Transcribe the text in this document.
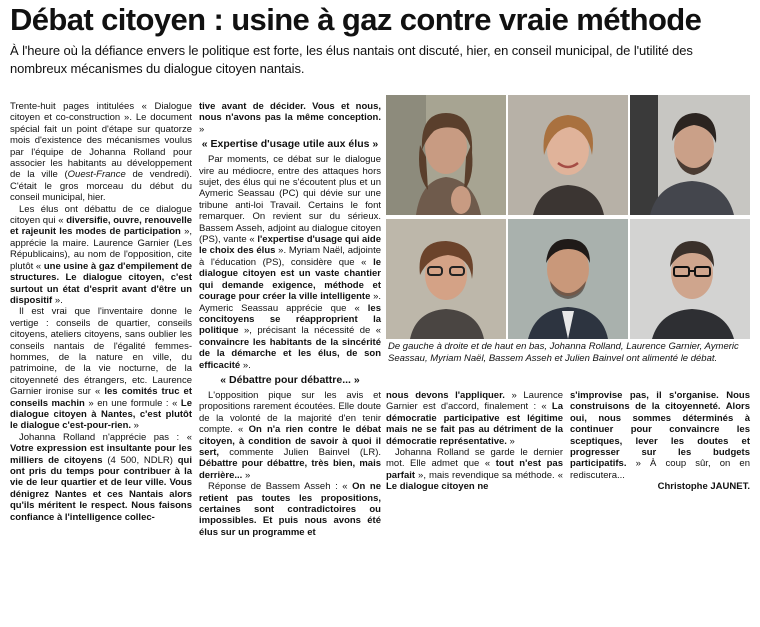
Débat citoyen : usine à gaz contre vraie méthode

À l'heure où la défiance envers le politique est forte, les élus nantais ont discuté, hier, en conseil municipal, de l'utilité des nombreux mécanismes du dialogue citoyen nantais.

Trente-huit pages intitulées « Dialogue citoyen et co-construction ». Le document spécial fait un point d'étape sur quatorze mois d'existence des mécanismes voulus par l'équipe de Johanna Rolland pour associer les habitants au développement de la ville (Ouest-France de vendredi). C'était le gros morceau du début du conseil municipal, hier.

Les élus ont débattu de ce dialogue citoyen qui « diversifie, ouvre, renouvelle et rajeunit les modes de participation », apprécie la maire. Laurence Garnier (Les Républicains), au nom de l'opposition, cite plutôt « une usine à gaz d'empilement de structures. Le dialogue citoyen, c'est surtout un état d'esprit avant d'être un dispositif ».

Il est vrai que l'inventaire donne le vertige : conseils de quartier, conseils citoyens, ateliers citoyens, sans oublier les conseils nantais de l'égalité femmes-hommes, de la nature en ville, du patrimoine, de la vie nocturne, de la citoyenneté des étrangers, etc. Laurence Garnier ironise sur « les comités truc et conseils machin » en une formule : « Le dialogue citoyen à Nantes, c'est plutôt le dialogue c'est-pour-rien. »

Johanna Rolland n'apprécie pas : « Votre expression est insultante pour les milliers de citoyens (4 500, NDLR) qui ont pris du temps pour contribuer à la vie de leur quartier et de leur ville. Vous dénigrez Nantes et ces Nantais alors qu'ils méritent le respect. Nous faisons confiance à l'intelligence collec-

tive avant de décider. Vous et nous, nous n'avons pas la même conception. »

« Expertise d'usage utile aux élus »

Par moments, ce débat sur le dialogue vire au médiocre, entre des attaques hors sujet, des élus qui ne s'écoutent plus et un Aymeric Seassau (PC) qui dévie sur une tribune anti-loi Travail. Certains le font remarquer. On revient sur du sérieux. Bassem Asseh, adjoint au dialogue citoyen (PS), vante « l'expertise d'usage qui aide le choix des élus ». Myriam Naël, adjointe à l'éducation (PS), considère que « le dialogue citoyen est un vaste chantier qui demande exigence, méthode et courage pour créer la ville intelligente ». Aymeric Seassau apprécie que « les concitoyens se réapproprient la politique », précisant la nécessité de « convaincre les habitants de la sincérité de la démarche et les élus, de son efficacité ».

« Débattre pour débattre... »

L'opposition pique sur les avis et propositions rarement écoutées. Elle doute de la volonté de la majorité d'en tenir compte. « On n'a rien contre le débat citoyen, à condition de savoir à quoi il sert, commente Julien Bainvel (LR). Débattre pour débattre, très bien, mais derrière... »

Réponse de Bassem Asseh : « On ne retient pas toutes les propositions, certaines sont contradictoires ou impossibles. Et puis nous avons été élus sur un programme et

De gauche à droite et de haut en bas, Johanna Rolland, Laurence Garnier, Aymeric Seassau, Myriam Naël, Bassem Asseh et Julien Bainvel ont alimenté le débat.

nous devons l'appliquer. » Laurence Garnier est d'accord, finalement : « La démocratie participative est légitime mais ne se fait pas au détriment de la démocratie représentative. »

Johanna Rolland se garde le dernier mot. Elle admet que « tout n'est pas parfait », mais revendique sa méthode. « Le dialogue citoyen ne

s'improvise pas, il s'organise. Nous construisons de la citoyenneté. Alors oui, nous sommes déterminés à continuer pour convaincre les sceptiques, lever les doutes et progresser sur les budgets participatifs. » À coup sûr, on en rediscutera...

Christophe JAUNET.
